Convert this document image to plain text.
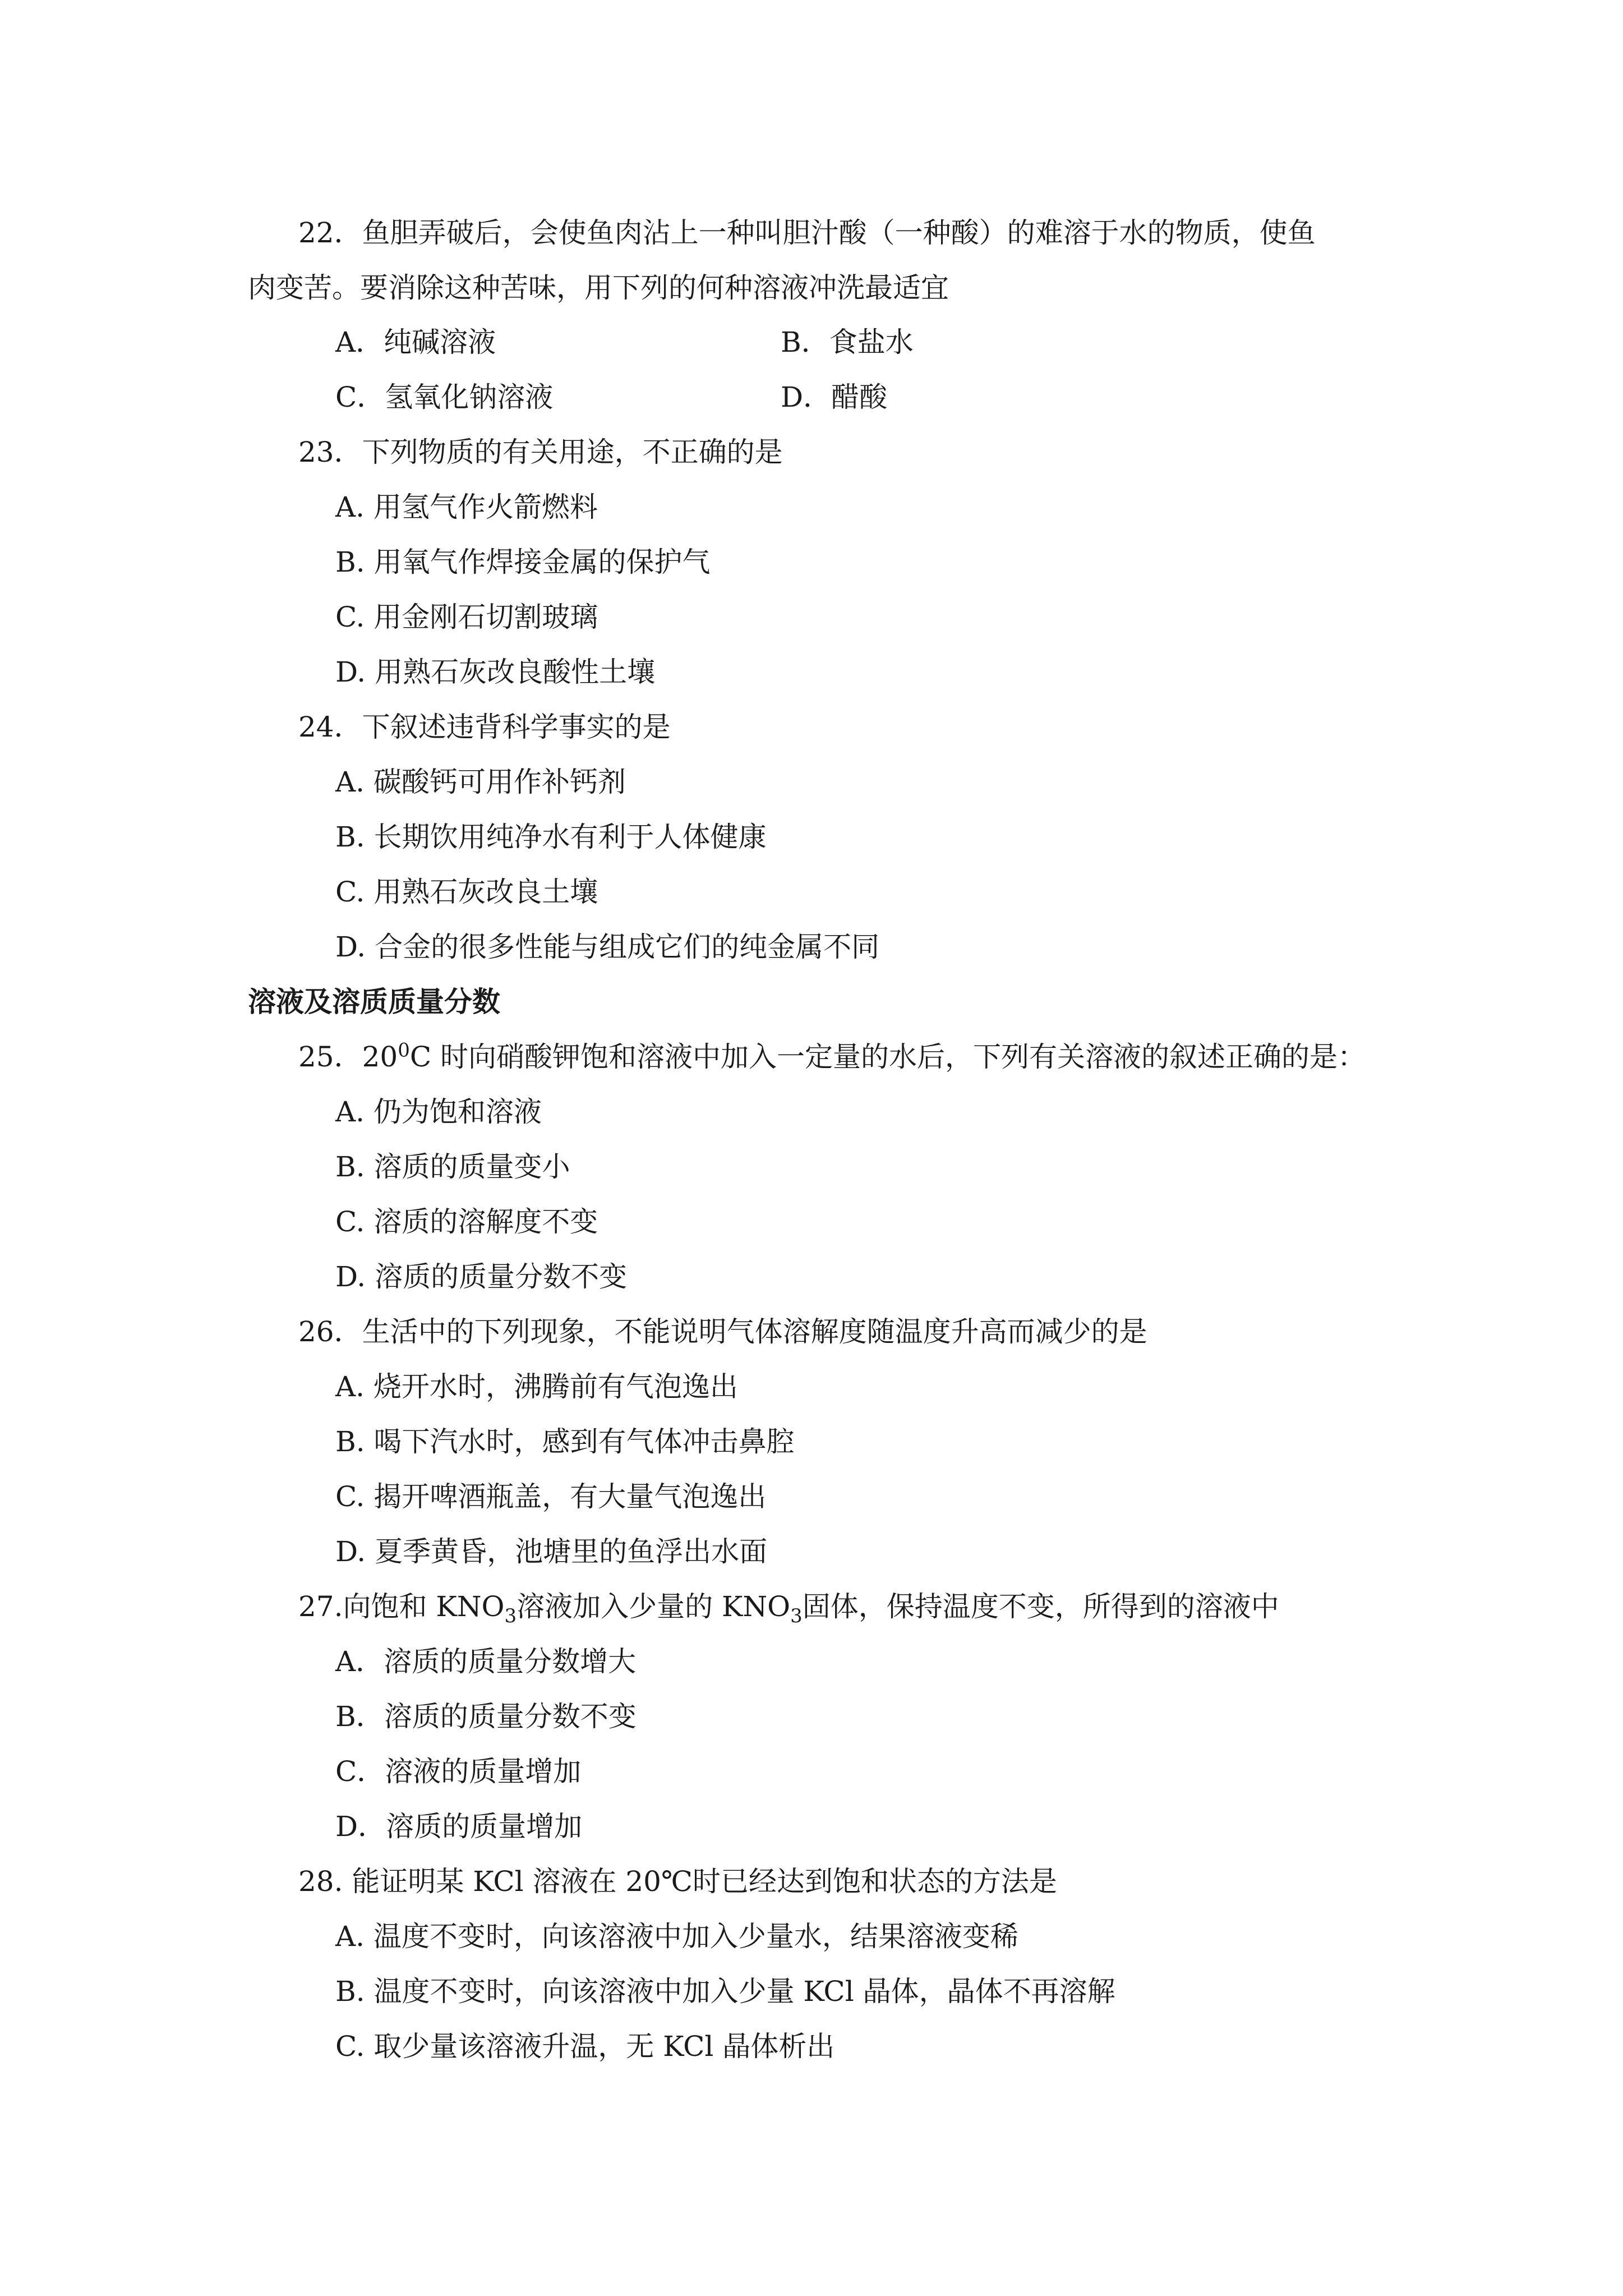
22．鱼胆弄破后，会使鱼肉沾上一种叫胆汁酸（一种酸）的难溶于水的物质，使鱼
肉变苦。要消除这种苦味，用下列的何种溶液冲洗最适宜
A．纯碱溶液	B．食盐水
C．氢氧化钠溶液	D．醋酸
23．下列物质的有关用途，不正确的是
A. 用氢气作火箭燃料
B. 用氧气作焊接金属的保护气
C. 用金刚石切割玻璃
D. 用熟石灰改良酸性土壤
24．下叙述违背科学事实的是
A. 碳酸钙可用作补钙剂
B. 长期饮用纯净水有利于人体健康
C. 用熟石灰改良土壤
D. 合金的很多性能与组成它们的纯金属不同
溶液及溶质质量分数
25．$20^0C$ 时向硝酸钾饱和溶液中加入一定量的水后，下列有关溶液的叙述正确的是：
A. 仍为饱和溶液
B. 溶质的质量变小
C. 溶质的溶解度不变
D. 溶质的质量分数不变
26．生活中的下列现象，不能说明气体溶解度随温度升高而减少的是
A. 烧开水时，沸腾前有气泡逸出
B. 喝下汽水时，感到有气体冲击鼻腔
C. 揭开啤酒瓶盖，有大量气泡逸出
D. 夏季黄昏，池塘里的鱼浮出水面
27.向饱和 $KNO_3$溶液加入少量的 $KNO_3$固体，保持温度不变，所得到的溶液中
A．溶质的质量分数增大
B．溶质的质量分数不变
C．溶液的质量增加
D．溶质的质量增加
28. 能证明某 KCl 溶液在 20℃时已经达到饱和状态的方法是
A. 温度不变时，向该溶液中加入少量水，结果溶液变稀
B. 温度不变时，向该溶液中加入少量 KCl 晶体，晶体不再溶解
C. 取少量该溶液升温，无 KCl 晶体析出
